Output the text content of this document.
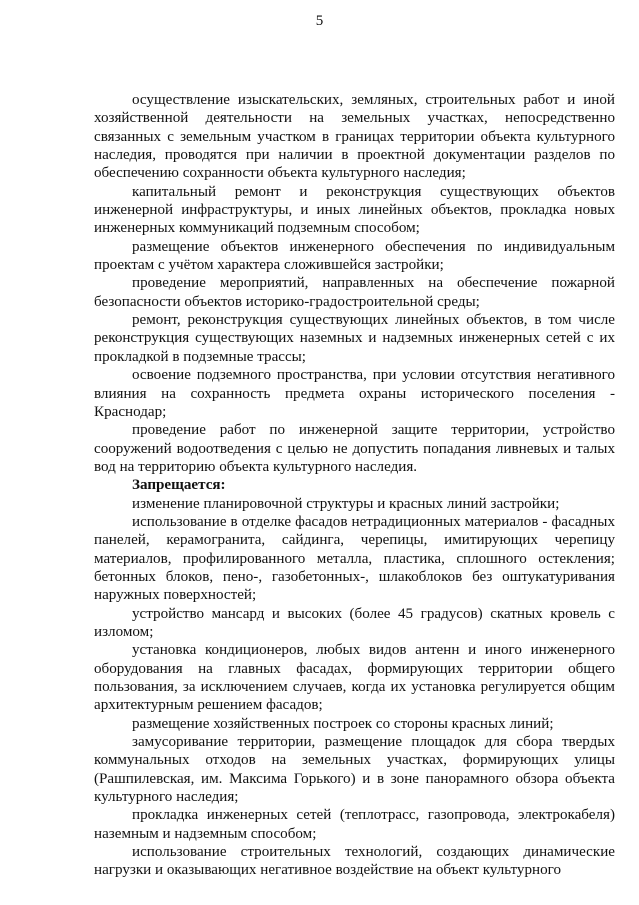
5

осуществление изыскательских, земляных, строительных работ и иной хозяйственной деятельности на земельных участках, непосредственно связанных с земельным участком в границах территории объекта культурного наследия, проводятся при наличии в проектной документации разделов по обеспечению сохранности объекта культурного наследия;

капитальный ремонт и реконструкция существующих объектов инженерной инфраструктуры, и иных линейных объектов, прокладка новых инженерных коммуникаций подземным способом;

размещение объектов инженерного обеспечения по индивидуальным проектам с учётом характера сложившейся застройки;

проведение мероприятий, направленных на обеспечение пожарной безопасности объектов историко-градостроительной среды;

ремонт, реконструкция существующих линейных объектов, в том числе реконструкция существующих наземных и надземных инженерных сетей с их прокладкой в подземные трассы;

освоение подземного пространства, при условии отсутствия негативного влияния на сохранность предмета охраны исторического поселения - Краснодар;

проведение работ по инженерной защите территории, устройство сооружений водоотведения с целью не допустить попадания ливневых и талых вод на территорию объекта культурного наследия.

Запрещается:

изменение планировочной структуры и красных линий застройки;

использование в отделке фасадов нетрадиционных материалов - фасадных панелей, керамогранита, сайдинга, черепицы, имитирующих черепицу материалов, профилированного металла, пластика, сплошного остекления; бетонных блоков, пено-, газобетонных-, шлакоблоков без оштукатуривания наружных поверхностей;

устройство мансард и высоких (более 45 градусов) скатных кровель с изломом;

установка кондиционеров, любых видов антенн и иного инженерного оборудования на главных фасадах, формирующих территории общего пользования, за исключением случаев, когда их установка регулируется общим архитектурным решением фасадов;

размещение хозяйственных построек со стороны красных линий;

замусоривание территории, размещение площадок для сбора твердых коммунальных отходов на земельных участках, формирующих улицы (Рашпилевская, им. Максима Горького) и в зоне панорамного обзора объекта культурного наследия;

прокладка инженерных сетей (теплотрасс, газопровода, электрокабеля) наземным и надземным способом;

использование строительных технологий, создающих динамические нагрузки и оказывающих негативное воздействие на объект культурного
